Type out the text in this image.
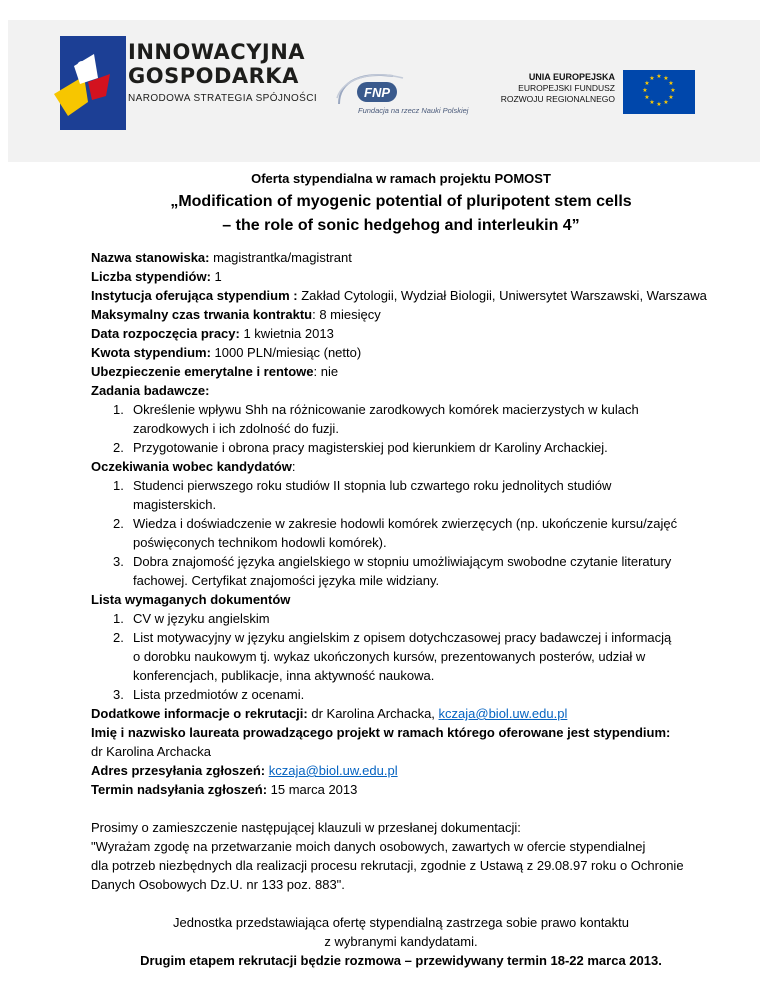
INNOWACYJNA
GOSPODARKA
NARODOWA STRATEGIA SPÓJNOŚCI	FNP
Fundacja na rzecz Nauki Polskiej
UNIA EUROPEJSKA
EUROPEJSKI FUNDUSZ
ROZWOJU REGIONALNEGO
★ ★
★
★
★
★
★
★
★
★
★
★
Oferta stypendialna w ramach projektu POMOST
„Modification of myogenic potential of pluripotent stem cells
– the role of sonic hedgehog and interleukin 4”
Nazwa stanowiska: magistrantka/magistrant
Liczba stypendiów: 1
Instytucja oferująca stypendium : Zakład Cytologii, Wydział Biologii, Uniwersytet Warszawski, Warszawa
Maksymalny czas trwania kontraktu: 8 miesięcy
Data rozpoczęcia pracy: 1 kwietnia 2013
Kwota stypendium: 1000 PLN/miesiąc (netto)
Ubezpieczenie emerytalne i rentowe: nie
Zadania badawcze:
1. Określenie wpływu Shh na różnicowanie zarodkowych komórek macierzystych w kulach
zarodkowych i ich zdolność do fuzji.
2. Przygotowanie i obrona pracy magisterskiej pod kierunkiem dr Karoliny Archackiej.
Oczekiwania wobec kandydatów:
1. Studenci pierwszego roku studiów II stopnia lub czwartego roku jednolitych studiów
magisterskich.
2. Wiedza i doświadczenie w zakresie hodowli komórek zwierzęcych (np. ukończenie kursu/zajęć
poświęconych technikom hodowli komórek).
3. Dobra znajomość języka angielskiego w stopniu umożliwiającym swobodne czytanie literatury
fachowej. Certyfikat znajomości języka mile widziany.
Lista wymaganych dokumentów
1. CV w języku angielskim
2. List motywacyjny w języku angielskim z opisem dotychczasowej pracy badawczej i informacją
o dorobku naukowym tj. wykaz ukończonych kursów, prezentowanych posterów, udział w
konferencjach, publikacje, inna aktywność naukowa.
3. Lista przedmiotów z ocenami.
Dodatkowe informacje o rekrutacji: dr Karolina Archacka, kczaja@biol.uw.edu.pl
Imię i nazwisko laureata prowadzącego projekt w ramach którego oferowane jest stypendium:
dr Karolina Archacka
Adres przesyłania zgłoszeń: kczaja@biol.uw.edu.pl
Termin nadsyłania zgłoszeń: 15 marca 2013
Prosimy o zamieszczenie następującej klauzuli w przesłanej dokumentacji:
"Wyrażam zgodę na przetwarzanie moich danych osobowych, zawartych w ofercie stypendialnej
dla potrzeb niezbędnych dla realizacji procesu rekrutacji, zgodnie z Ustawą z 29.08.97 roku o Ochronie
Danych Osobowych Dz.U. nr 133 poz. 883".
Jednostka przedstawiająca ofertę stypendialną zastrzega sobie prawo kontaktu
z wybranymi kandydatami.
Drugim etapem rekrutacji będzie rozmowa – przewidywany termin 18-22 marca 2013.
